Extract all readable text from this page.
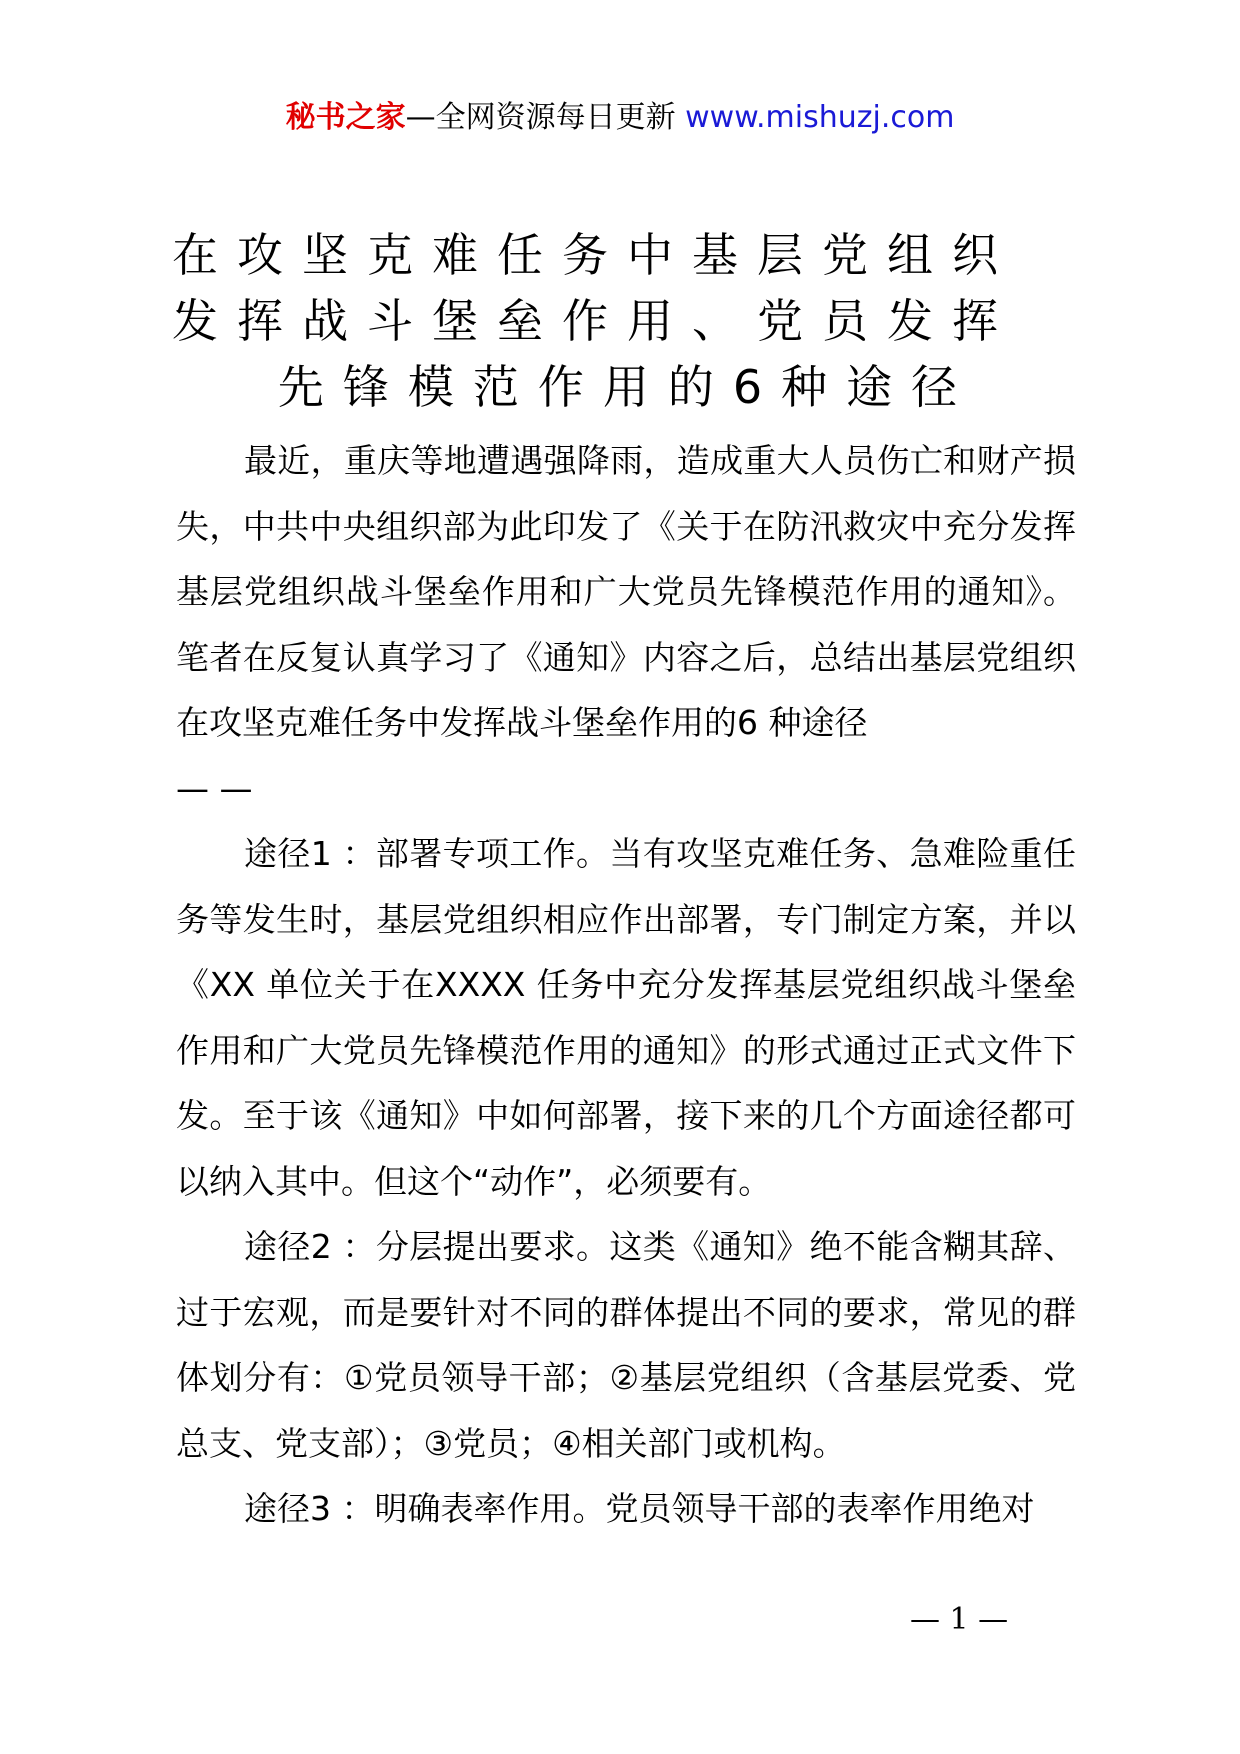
秘书之家—全网资源每日更新 www.mishuzj.com
在攻坚克难任务中基层党组织
发挥战斗堡垒作用、党员发挥
先锋模范作用的6种途径

最近，重庆等地遭遇强降雨，造成重大人员伤亡和财产损失，中共中央组织部为此印发了《关于在防汛救灾中充分发挥基层党组织战斗堡垒作用和广大党员先锋模范作用的通知》。笔者在反复认真学习了《通知》内容之后，总结出基层党组织在攻坚克难任务中发挥战斗堡垒作用的6 种途径

— —

途径1 ：部署专项工作。当有攻坚克难任务、急难险重任务等发生时，基层党组织相应作出部署，专门制定方案，并以《XX 单位关于在XXXX 任务中充分发挥基层党组织战斗堡垒作用和广大党员先锋模范作用的通知》的形式通过正式文件下发。至于该《通知》中如何部署，接下来的几个方面途径都可以纳入其中。但这个“动作”，必须要有。

途径2 ：分层提出要求。这类《通知》绝不能含糊其辞、过于宏观，而是要针对不同的群体提出不同的要求，常见的群体划分有：①党员领导干部；②基层党组织（含基层党委、党总支、党支部）；③党员；④相关部门或机构。

途径3 ：明确表率作用。党员领导干部的表率作用绝对

— 1 —
